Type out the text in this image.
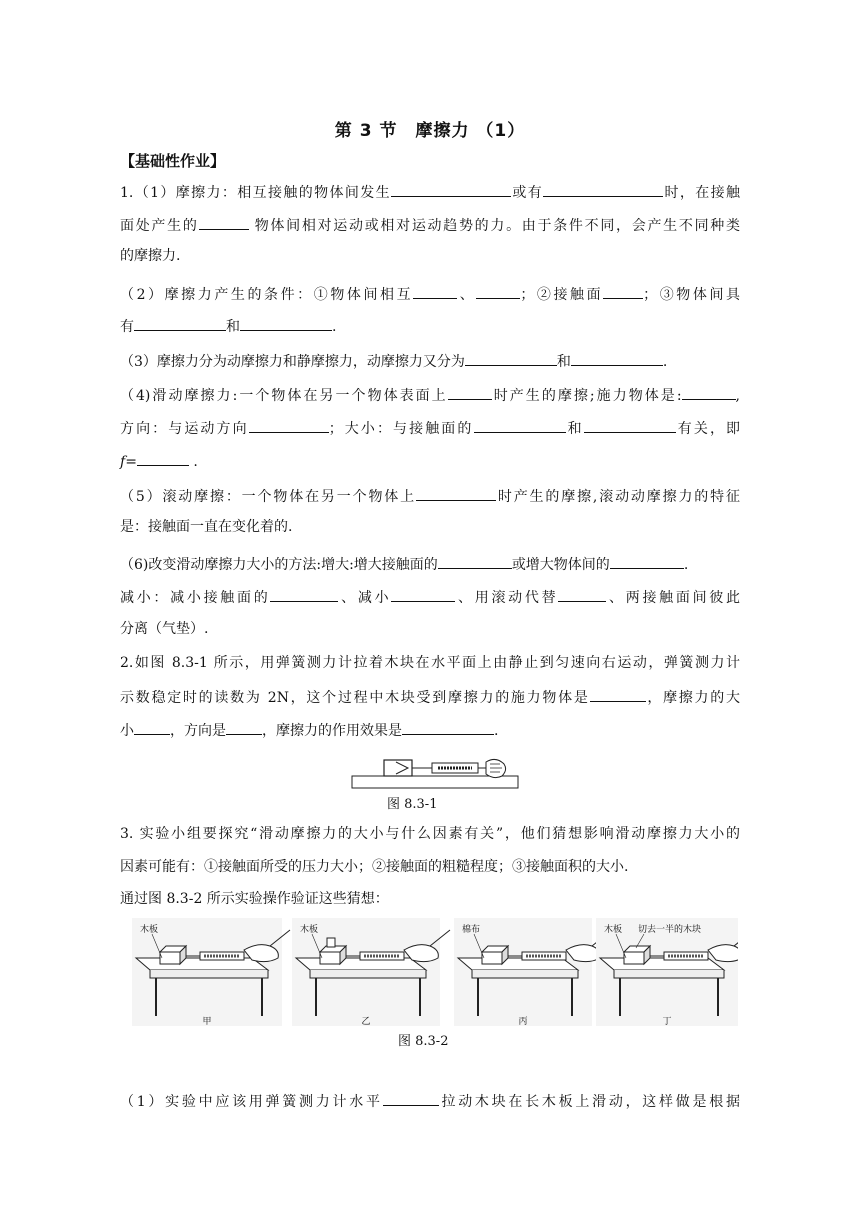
第 3 节　摩擦力 （1）
【基础性作业】
1.（1）摩擦力：相互接触的物体间发生	或有	时，在接触
面处产生的	物体间相对运动或相对运动趋势的力。由于条件不同，会产生不同种类
的摩擦力.
（2）摩擦力产生的条件：①物体间相互	、	；②接触面	；③物体间具
有	和	.
（3）摩擦力分为动摩擦力和静摩擦力，动摩擦力又分为	和	.
（4)滑动摩擦力:一个物体在另一个物体表面上	时产生的摩擦;施力物体是:	,
方向：与运动方向	；大小：与接触面的	和	有关，即
f=	.
（5）滚动摩擦：一个物体在另一个物体上	时产生的摩擦,滚动动摩擦力的特征
是：接触面一直在变化着的.
（6)改变滑动摩擦力大小的方法:增大:增大接触面的	或增大物体间的	.
减小：减小接触面的	、减小	、用滚动代替	、两接触面间彼此
分离（气垫）.
2.如图 8.3-1 所示，用弹簧测力计拉着木块在水平面上由静止到匀速向右运动，弹簧测力计
示数稳定时的读数为 2N，这个过程中木块受到摩擦力的施力物体是	，摩擦力的大
小	，方向是	，摩擦力的作用效果是	.
图 8.3-1
3. 实验小组要探究“滑动摩擦力的大小与什么因素有关”，他们猜想影响滑动摩擦力大小的
因素可能有：①接触面所受的压力大小；②接触面的粗糙程度；③接触面积的大小.
通过图 8.3-2 所示实验操作验证这些猜想：
木板
甲
木板
乙
棉布
丙
木板 切去一半的木块
丁
图 8.3-2
（1）实验中应该用弹簧测力计水平	拉动木块在长木板上滑动，这样做是根据
